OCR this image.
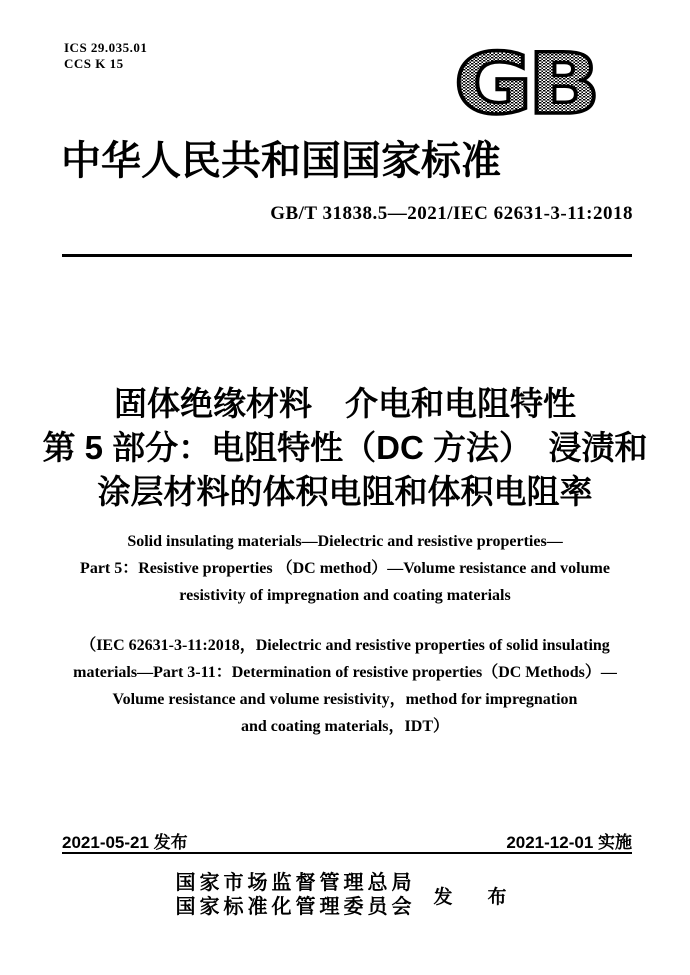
ICS 29.035.01
CCS K 15	GB
中华人民共和国国家标准
GB/T 31838.5—2021/IEC 62631-3-11:2018
固体绝缘材料　介电和电阻特性
第 5 部分：电阻特性（DC 方法）　浸渍和
涂层材料的体积电阻和体积电阻率
Solid insulating materials—Dielectric and resistive properties—
Part 5：Resistive properties （DC method）—Volume resistance and volume
resistivity of impregnation and coating materials
（IEC 62631-3-11:2018，Dielectric and resistive properties of solid insulating
materials—Part 3-11：Determination of resistive properties（DC Methods）—
Volume resistance and volume resistivity，method for impregnation
and coating materials，IDT）
2021-05-21 发布	2021-12-01 实施
国家市场监督管理总局
国家标准化管理委员会 发　布
